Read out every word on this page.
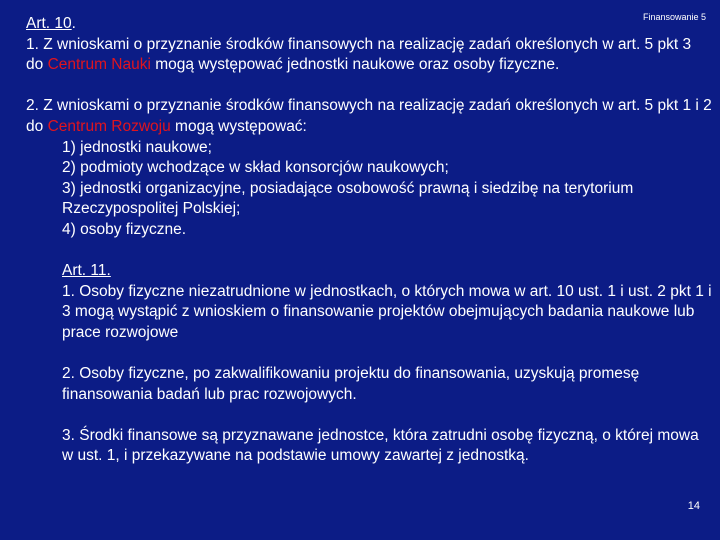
Finansowanie 5

Art. 10.

1. Z wnioskami o przyznanie środków finansowych na realizację zadań określonych w art. 5 pkt 3 do Centrum Nauki mogą występować jednostki naukowe oraz osoby fizyczne.

2. Z wnioskami o przyznanie środków finansowych na realizację zadań określonych w art. 5 pkt 1 i 2 do Centrum Rozwoju mogą występować:

1) jednostki naukowe;

2) podmioty wchodzące w skład konsorcjów naukowych;

3) jednostki organizacyjne, posiadające osobowość prawną i siedzibę na terytorium Rzeczypospolitej Polskiej;

4) osoby fizyczne.

Art. 11.

1. Osoby fizyczne niezatrudnione w jednostkach, o których mowa w art. 10 ust. 1 i ust. 2 pkt 1 i 3 mogą wystąpić z wnioskiem o finansowanie projektów obejmujących badania naukowe lub prace rozwojowe

2. Osoby fizyczne, po zakwalifikowaniu projektu do finansowania, uzyskują promesę finansowania badań lub prac rozwojowych.

3. Środki finansowe są przyznawane jednostce, która zatrudni osobę fizyczną, o której mowa w ust. 1, i przekazywane na podstawie umowy zawartej z jednostką.

14
